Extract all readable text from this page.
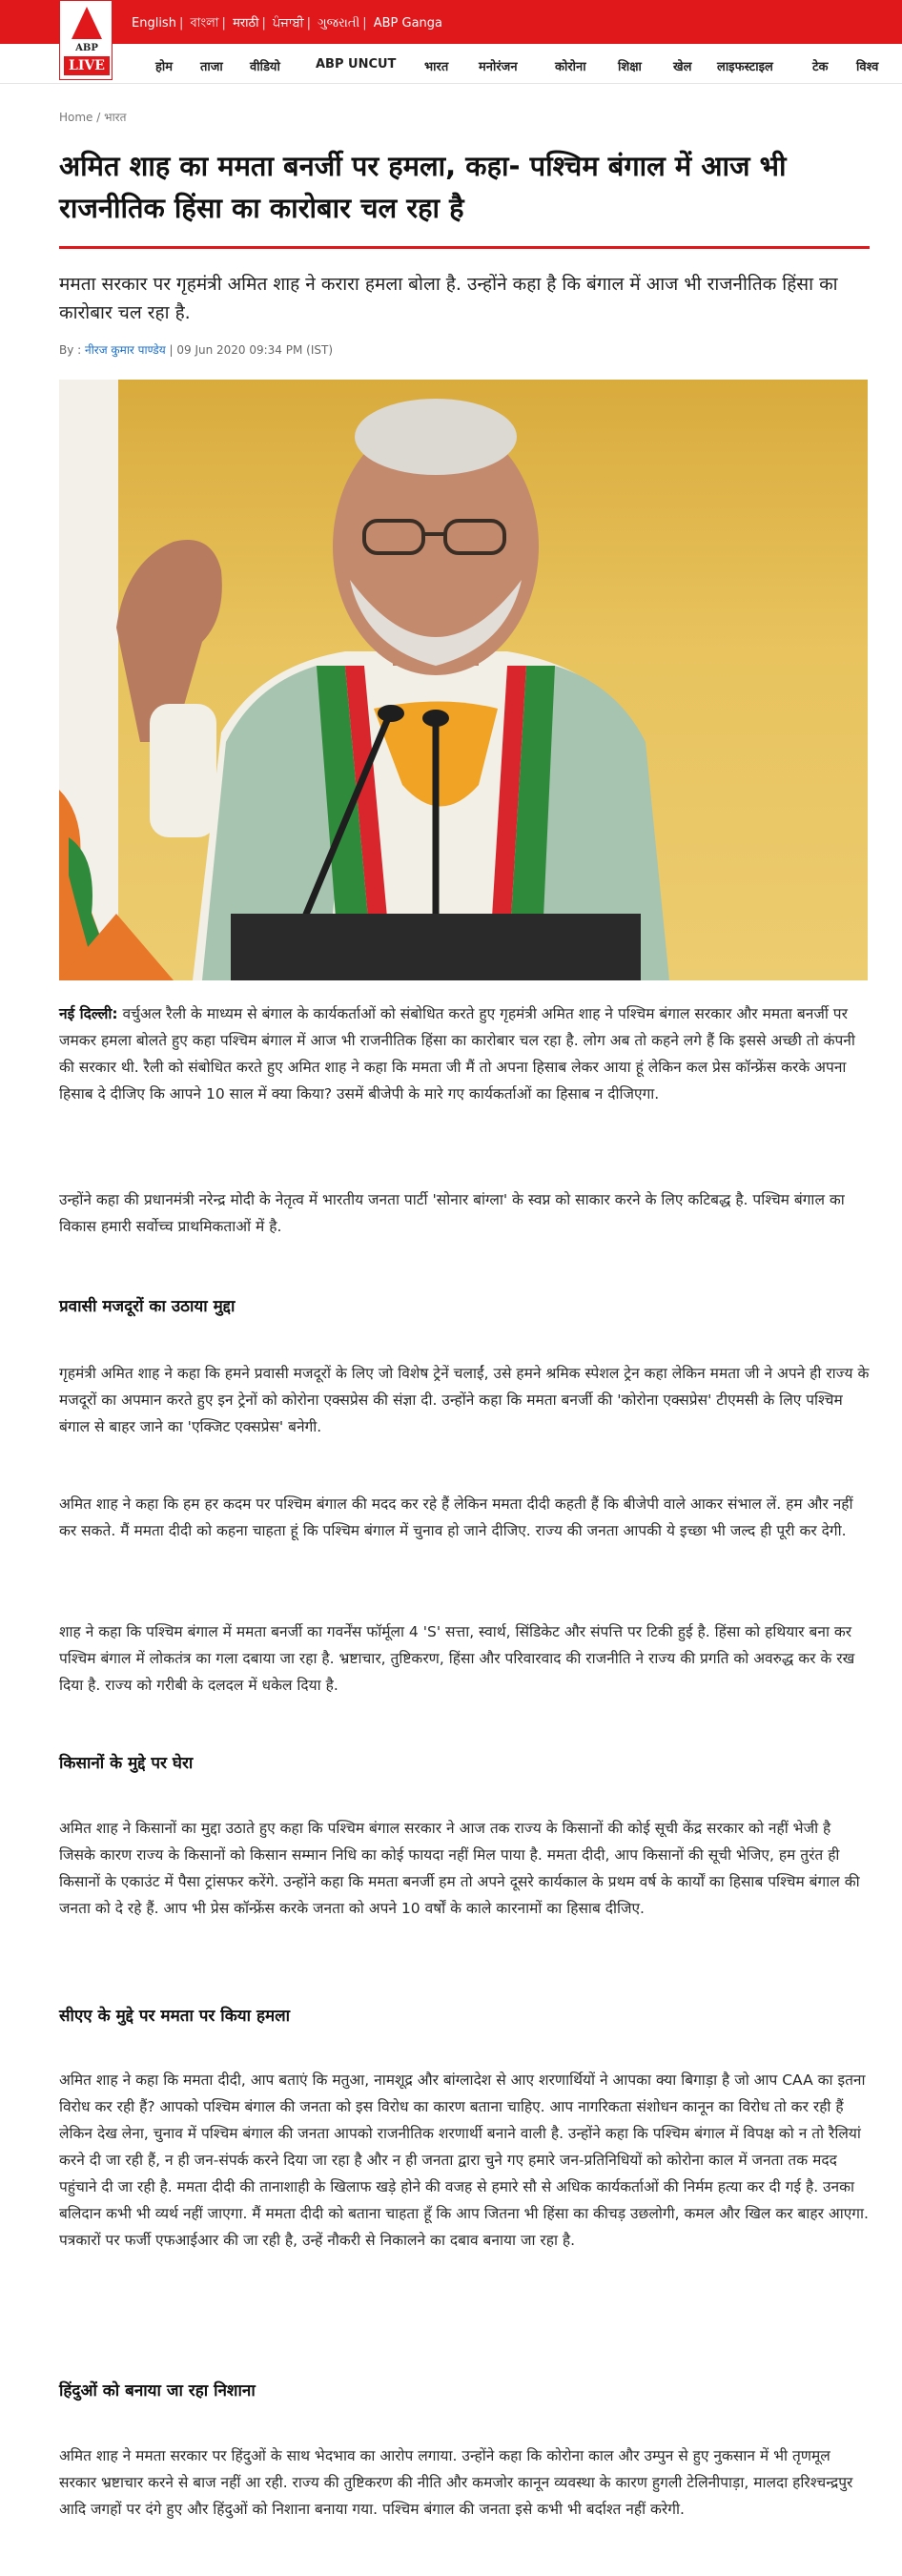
ABP
LIVE
English | বাংলা | मराठी | ਪੰਜਾਬੀ | ગુજરાતી | ABP Ganga
होम ताजा वीडियो	ABP UNCUT भारत मनोरंजन	कोरोना	शिक्षा	खेल लाइफस्टाइल	टेक विश्व
Home / भारत
अमित शाह का ममता बनर्जी पर हमला, कहा- पश्चिम बंगाल में आज भी राजनीतिक हिंसा का कारोबार चल रहा है

ममता सरकार पर गृहमंत्री अमित शाह ने करारा हमला बोला है. उन्होंने कहा है कि बंगाल में आज भी राजनीतिक हिंसा का कारोबार चल रहा है.

By : नीरज कुमार पाण्डेय | 09 Jun 2020 09:34 PM (IST)

नई दिल्ली: वर्चुअल रैली के माध्यम से बंगाल के कार्यकर्ताओं को संबोधित करते हुए गृहमंत्री अमित शाह ने पश्चिम बंगाल सरकार और ममता बनर्जी पर जमकर हमला बोलते हुए कहा पश्चिम बंगाल में आज भी राजनीतिक हिंसा का कारोबार चल रहा है. लोग अब तो कहने लगे हैं कि इससे अच्छी तो कंपनी की सरकार थी. रैली को संबोधित करते हुए अमित शाह ने कहा कि ममता जी मैं तो अपना हिसाब लेकर आया हूं लेकिन कल प्रेस कॉन्फ्रेंस करके अपना हिसाब दे दीजिए कि आपने 10 साल में क्या किया? उसमें बीजेपी के मारे गए कार्यकर्ताओं का हिसाब न दीजिएगा.

उन्होंने कहा की प्रधानमंत्री नरेन्द्र मोदी के नेतृत्व में भारतीय जनता पार्टी 'सोनार बांग्ला' के स्वप्न को साकार करने के लिए कटिबद्ध है. पश्चिम बंगाल का विकास हमारी सर्वोच्च प्राथमिकताओं में है.

प्रवासी मजदूरों का उठाया मुद्दा

गृहमंत्री अमित शाह ने कहा कि हमने प्रवासी मजदूरों के लिए जो विशेष ट्रेनें चलाईं, उसे हमने श्रमिक स्पेशल ट्रेन कहा लेकिन ममता जी ने अपने ही राज्य के मजदूरों का अपमान करते हुए इन ट्रेनों को कोरोना एक्सप्रेस की संज्ञा दी. उन्होंने कहा कि ममता बनर्जी की 'कोरोना एक्सप्रेस' टीएमसी के लिए पश्चिम बंगाल से बाहर जाने का 'एक्जिट एक्सप्रेस' बनेगी.

अमित शाह ने कहा कि हम हर कदम पर पश्चिम बंगाल की मदद कर रहे हैं लेकिन ममता दीदी कहती हैं कि बीजेपी वाले आकर संभाल लें. हम और नहीं कर सकते. मैं ममता दीदी को कहना चाहता हूं कि पश्चिम बंगाल में चुनाव हो जाने दीजिए. राज्य की जनता आपकी ये इच्छा भी जल्द ही पूरी कर देगी.

शाह ने कहा कि पश्चिम बंगाल में ममता बनर्जी का गवर्नेंस फॉर्मूला 4 'S' सत्ता, स्वार्थ, सिंडिकेट और संपत्ति पर टिकी हुई है. हिंसा को हथियार बना कर पश्चिम बंगाल में लोकतंत्र का गला दबाया जा रहा है. भ्रष्टाचार, तुष्टिकरण, हिंसा और परिवारवाद की राजनीति ने राज्य की प्रगति को अवरुद्ध कर के रख दिया है. राज्य को गरीबी के दलदल में धकेल दिया है.

किसानों के मुद्दे पर घेरा

अमित शाह ने किसानों का मुद्दा उठाते हुए कहा कि पश्चिम बंगाल सरकार ने आज तक राज्य के किसानों की कोई सूची केंद्र सरकार को नहीं भेजी है जिसके कारण राज्य के किसानों को किसान सम्मान निधि का कोई फायदा नहीं मिल पाया है. ममता दीदी, आप किसानों की सूची भेजिए, हम तुरंत ही किसानों के एकाउंट में पैसा ट्रांसफर करेंगे. उन्होंने कहा कि ममता बनर्जी हम तो अपने दूसरे कार्यकाल के प्रथम वर्ष के कार्यों का हिसाब पश्चिम बंगाल की जनता को दे रहे हैं. आप भी प्रेस कॉन्फ्रेंस करके जनता को अपने 10 वर्षों के काले कारनामों का हिसाब दीजिए.

सीएए के मुद्दे पर ममता पर किया हमला

अमित शाह ने कहा कि ममता दीदी, आप बताएं कि मतुआ, नामशूद्र और बांग्लादेश से आए शरणार्थियों ने आपका क्या बिगाड़ा है जो आप CAA का इतना विरोध कर रही हैं? आपको पश्चिम बंगाल की जनता को इस विरोध का कारण बताना चाहिए. आप नागरिकता संशोधन कानून का विरोध तो कर रही हैं लेकिन देख लेना, चुनाव में पश्चिम बंगाल की जनता आपको राजनीतिक शरणार्थी बनाने वाली है. उन्होंने कहा कि पश्चिम बंगाल में विपक्ष को न तो रैलियां करने दी जा रही हैं, न ही जन-संपर्क करने दिया जा रहा है और न ही जनता द्वारा चुने गए हमारे जन-प्रतिनिधियों को कोरोना काल में जनता तक मदद पहुंचाने दी जा रही है. ममता दीदी की तानाशाही के खिलाफ खड़े होने की वजह से हमारे सौ से अधिक कार्यकर्ताओं की निर्मम हत्या कर दी गई है. उनका बलिदान कभी भी व्यर्थ नहीं जाएगा. मैं ममता दीदी को बताना चाहता हूँ कि आप जितना भी हिंसा का कीचड़ उछलोगी, कमल और खिल कर बाहर आएगा. पत्रकारों पर फर्जी एफआईआर की जा रही है, उन्हें नौकरी से निकालने का दबाव बनाया जा रहा है.

हिंदुओं को बनाया जा रहा निशाना

अमित शाह ने ममता सरकार पर हिंदुओं के साथ भेदभाव का आरोप लगाया. उन्होंने कहा कि कोरोना काल और उम्पुन से हुए नुकसान में भी तृणमूल सरकार भ्रष्टाचार करने से बाज नहीं आ रही. राज्य की तुष्टिकरण की नीति और कमजोर कानून व्यवस्था के कारण हुगली टेलिनीपाड़ा, मालदा हरिश्चन्द्रपुर आदि जगहों पर दंगे हुए और हिंदुओं को निशाना बनाया गया. पश्चिम बंगाल की जनता इसे कभी भी बर्दाश्त नहीं करेगी.
